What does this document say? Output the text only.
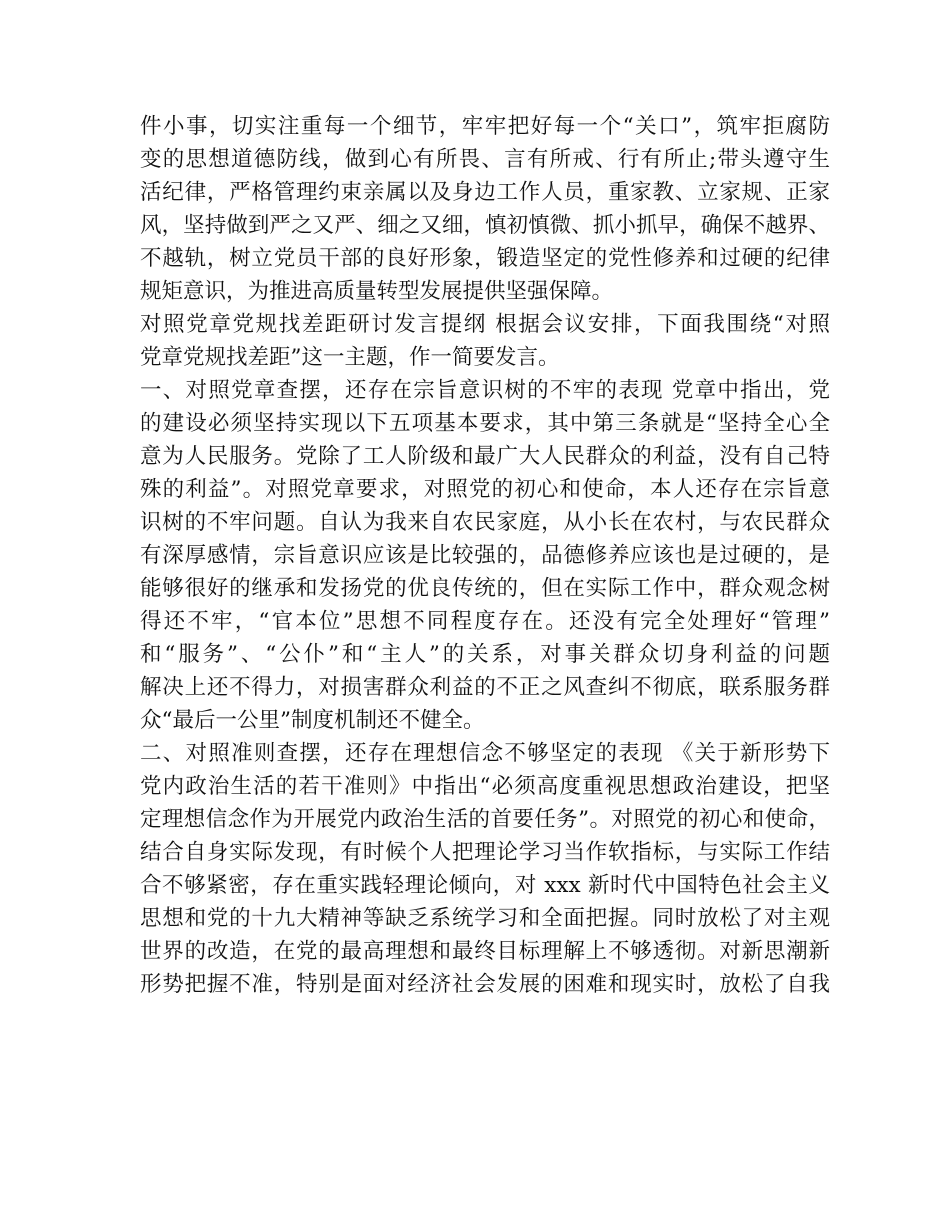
件小事，切实注重每一个细节，牢牢把好每一个“关口”，筑牢拒腐防
变的思想道德防线，做到心有所畏、言有所戒、行有所止;带头遵守生
活纪律，严格管理约束亲属以及身边工作人员，重家教、立家规、正家
风，坚持做到严之又严、细之又细，慎初慎微、抓小抓早，确保不越界、
不越轨，树立党员干部的良好形象，锻造坚定的党性修养和过硬的纪律
规矩意识，为推进高质量转型发展提供坚强保障。
对照党章党规找差距研讨发言提纲 根据会议安排，下面我围绕“对照
党章党规找差距”这一主题，作一简要发言。
一、对照党章查摆，还存在宗旨意识树的不牢的表现 党章中指出，党
的建设必须坚持实现以下五项基本要求，其中第三条就是“坚持全心全
意为人民服务。党除了工人阶级和最广大人民群众的利益，没有自己特
殊的利益”。对照党章要求，对照党的初心和使命，本人还存在宗旨意
识树的不牢问题。自认为我来自农民家庭，从小长在农村，与农民群众
有深厚感情，宗旨意识应该是比较强的，品德修养应该也是过硬的，是
能够很好的继承和发扬党的优良传统的，但在实际工作中，群众观念树
得还不牢，“官本位”思想不同程度存在。还没有完全处理好“管理”
和“服务”、“公仆”和“主人”的关系，对事关群众切身利益的问题
解决上还不得力，对损害群众利益的不正之风查纠不彻底，联系服务群
众“最后一公里”制度机制还不健全。
二、对照准则查摆，还存在理想信念不够坚定的表现 《关于新形势下
党内政治生活的若干准则》中指出“必须高度重视思想政治建设，把坚
定理想信念作为开展党内政治生活的首要任务”。对照党的初心和使命，
结合自身实际发现，有时候个人把理论学习当作软指标，与实际工作结
合不够紧密，存在重实践轻理论倾向，对 xxx 新时代中国特色社会主义
思想和党的十九大精神等缺乏系统学习和全面把握。同时放松了对主观
世界的改造，在党的最高理想和最终目标理解上不够透彻。对新思潮新
形势把握不准，特别是面对经济社会发展的困难和现实时，放松了自我
